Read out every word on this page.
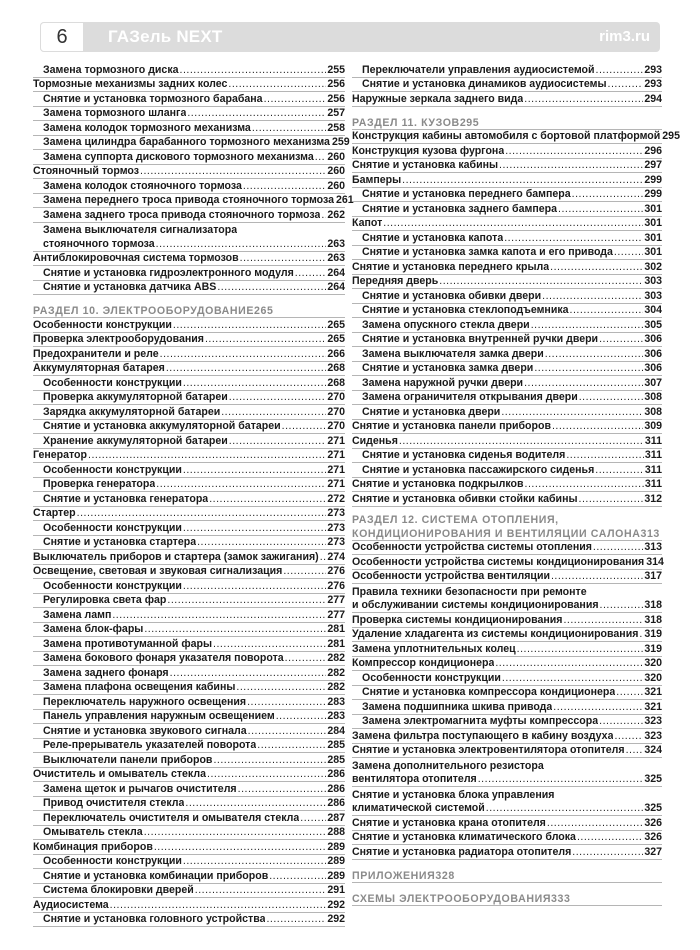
6	ГАЗель NEXT	rim3.ru
Замена тормозного диска .....	255
Тормозные механизмы задних колес .....	256
Снятие и установка тормозного барабана .....	256
Замена тормозного шланга .....	257
Замена колодок тормозного механизма .....	258
Замена цилиндра барабанного тормозного механизма 259
Замена суппорта дискового тормозного механизма ..... 260
Стояночный тормоз .....	260
Замена колодок стояночного тормоза .....	260
Замена переднего троса привода стояночного тормоза 261
Замена заднего троса привода стояночного тормоза ..... 262
Замена выключателя сигнализатора
стояночного тормоза .....	263
Антиблокировочная система тормозов .....	263
Снятие и установка гидроэлектронного модуля .....	264
Снятие и установка датчика ABS .....	264
РАЗДЕЛ 10. ЭЛЕКТРООБОРУДОВАНИЕ 265
Особенности конструкции .....	265
Проверка электрооборудования .....	265
Предохранители и реле .....	266
Аккумуляторная батарея .....	268
Особенности конструкции .....	268
Проверка аккумуляторной батареи .....	270
Зарядка аккумуляторной батареи .....	270
Снятие и установка аккумуляторной батареи .....	270
Хранение аккумуляторной батареи .....	271
Генератор .....	271
Особенности конструкции .....	271
Проверка генератора .....	271
Снятие и установка генератора .....	272
Стартер .....	273
Особенности конструкции .....	273
Снятие и установка стартера .....	273
Выключатель приборов и стартера (замок зажигания) ..... 274
Освещение, световая и звуковая сигнализация .....	276
Особенности конструкции .....	276
Регулировка света фар .....	277
Замена ламп .....	277
Замена блок-фары .....	281
Замена противотуманной фары .....	281
Замена бокового фонаря указателя поворота .....	282
Замена заднего фонаря .....	282
Замена плафона освещения кабины .....	282
Переключатель наружного освещения .....	283
Панель управления наружным освещением .....	283
Снятие и установка звукового сигнала .....	284
Реле-прерыватель указателей поворота .....	285
Выключатели панели приборов .....	285
Очиститель и омыватель стекла .....	286
Замена щеток и рычагов очистителя .....	286
Привод очистителя стекла .....	286
Переключатель очистителя и омывателя стекла .....	287
Омыватель стекла .....	288
Комбинация приборов .....	289
Особенности конструкции .....	289
Снятие и установка комбинации приборов .....	289
Система блокировки дверей .....	291
Аудиосистема .....	292
Снятие и установка головного устройства .....	292
Переключатели управления аудиосистемой .....	293
Снятие и установка динамиков аудиосистемы .....	293
Наружные зеркала заднего вида .....	294
РАЗДЕЛ 11. КУЗОВ 295
Конструкция кабины автомобиля с бортовой платформой 295
Конструкция кузова фургона .....	296
Снятие и установка кабины .....	297
Бамперы .....	299
Снятие и установка переднего бампера .....	299
Снятие и установка заднего бампера .....	301
Капот .....	301
Снятие и установка капота .....	301
Снятие и установка замка капота и его привода .....	301
Снятие и установка переднего крыла .....	302
Передняя дверь .....	303
Снятие и установка обивки двери .....	303
Снятие и установка стеклоподъемника .....	304
Замена опускного стекла двери .....	305
Снятие и установка внутренней ручки двери .....	306
Замена выключателя замка двери .....	306
Снятие и установка замка двери .....	306
Замена наружной ручки двери .....	307
Замена ограничителя открывания двери .....	308
Снятие и установка двери .....	308
Снятие и установка панели приборов .....	309
Сиденья .....	311
Снятие и установка сиденья водителя .....	311
Снятие и установка пассажирского сиденья .....	311
Снятие и установка подкрылков .....	311
Снятие и установка обивки стойки кабины .....	312
РАЗДЕЛ 12. СИСТЕМА ОТОПЛЕНИЯ,
КОНДИЦИОНИРОВАНИЯ И ВЕНТИЛЯЦИИ САЛОНА 313
Особенности устройства системы отопления .....	313
Особенности устройства системы кондиционирования 314
Особенности устройства вентиляции .....	317
Правила техники безопасности при ремонте
и обслуживании системы кондиционирования .....	318
Проверка системы кондиционирования .....	318
Удаление хладагента из системы кондиционирования ..... 319
Замена уплотнительных колец .....	319
Компрессор кондиционера .....	320
Особенности конструкции .....	320
Снятие и установка компрессора кондиционера .....	321
Замена подшипника шкива привода .....	321
Замена электромагнита муфты компрессора .....	323
Замена фильтра поступающего в кабину воздуха .....	323
Снятие и установка электровентилятора отопителя ..... 324
Замена дополнительного резистора
вентилятора отопителя .....	325
Снятие и установка блока управления
климатической системой .....	325
Снятие и установка крана отопителя .....	326
Снятие и установка климатического блока .....	326
Снятие и установка радиатора отопителя .....	327
ПРИЛОЖЕНИЯ 328
СХЕМЫ ЭЛЕКТРООБОРУДОВАНИЯ 333
